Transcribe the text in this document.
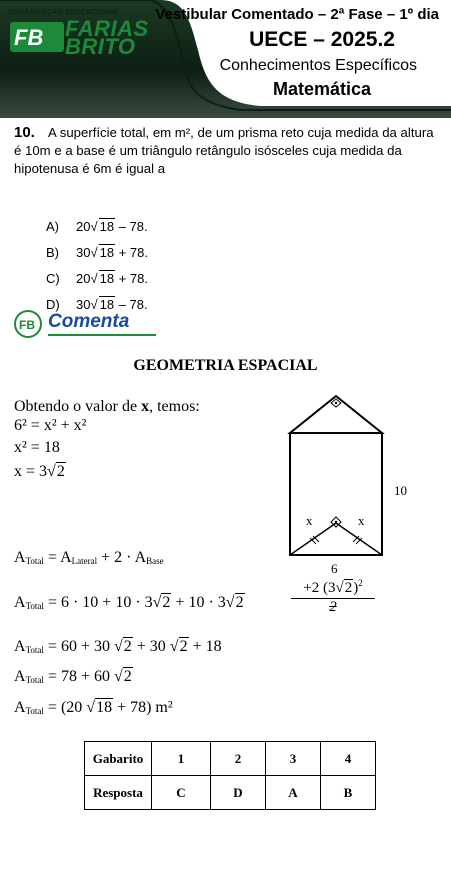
ORGANIZAÇÃO EDUCACIONAL
FB FARIAS
BRITO
Vestibular Comentado – 2ª Fase – 1º dia
UECE – 2025.2
Conhecimentos Específicos
Matemática
10. A superfície total, em m², de um prisma reto cuja medida da altura é 10m e a base é um triângulo retângulo isósceles cuja medida da hipotenusa é 6m é igual a
A)	20 √ 18 – 78.
B)	30 √ 18 + 78.
C)	20 √ 18 + 78.
D)	30 √ 18 – 78.
FB Comenta
GEOMETRIA ESPACIAL
Obtendo o valor de x, temos:
6² = x² + x²
x² = 18
x = 3√2
x	x
10
6
$A_{Total} = A_{Lateral} + 2 \cdot A_{Base}$
$A_{Total} = 6 \cdot 10 + 10 \cdot 3√2 + 10 \cdot 3√2$	$\frac{+2 (3√2)^2}{2}$
$A_{Total} = 60 + 30$ √2 + 30 √2 + 18
$A_{Total} = 78 + 60$ √2
$A_{Total} = (20$ √18 + 78) m²
Gabarito	1	2	3	4
Resposta	C	D	A	B
